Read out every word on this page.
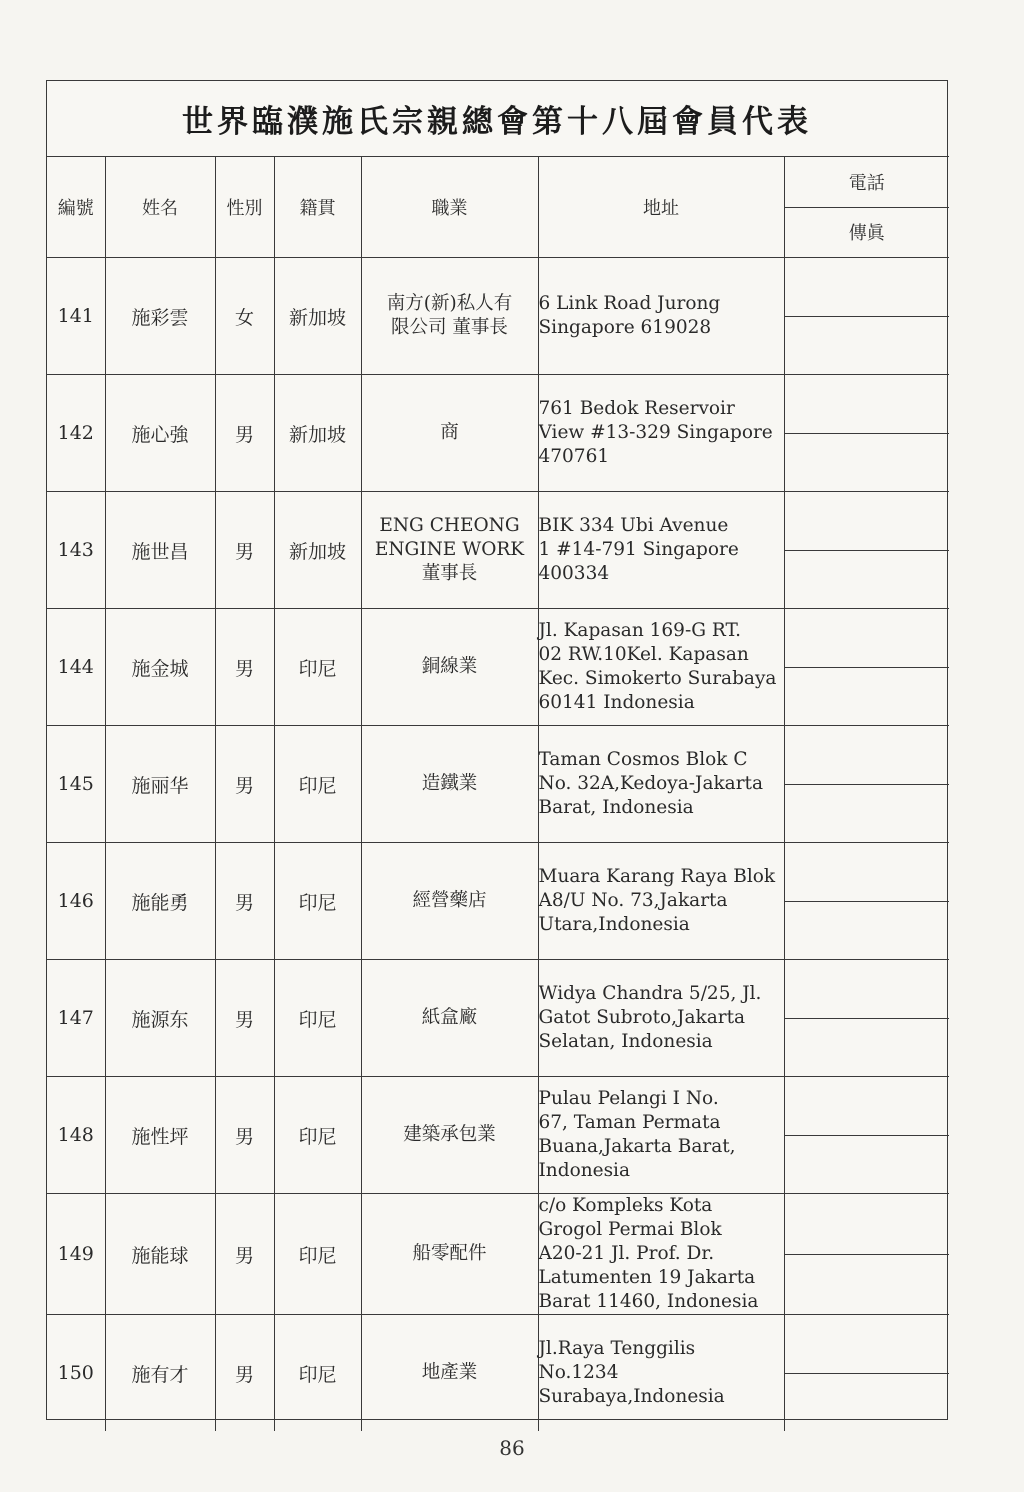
世界臨濮施氏宗親總會第十八屆會員代表
編號	姓名	性別	籍貫	職業	地址	電話
傳眞

141	施彩雲	女	新加坡	南方(新)私人有
限公司 董事長	6 Link Road Jurong
Singapore 619028	

142	施心強	男	新加坡	商	761 Bedok Reservoir
View #13-329 Singapore
470761	

143	施世昌	男	新加坡	ENG CHEONG
ENGINE WORK
董事長	BIK 334 Ubi Avenue
1 #14-791 Singapore
400334	

144	施金城	男	印尼	銅線業	Jl. Kapasan 169-G RT.
02 RW.10Kel. Kapasan
Kec. Simokerto Surabaya
60141 Indonesia	

145	施丽华	男	印尼	造鐵業	Taman Cosmos Blok C
No. 32A,Kedoya-Jakarta
Barat, Indonesia	

146	施能勇	男	印尼	經營藥店	Muara Karang Raya Blok
A8/U No. 73,Jakarta
Utara,Indonesia	

147	施源东	男	印尼	紙盒廠	Widya Chandra 5/25, Jl.
Gatot Subroto,Jakarta
Selatan, Indonesia	

148	施性坪	男	印尼	建築承包業	Pulau Pelangi I No.
67, Taman Permata
Buana,Jakarta Barat,
Indonesia	

149	施能球	男	印尼	船零配件	c/o Kompleks Kota
Grogol Permai Blok
A20-21 Jl. Prof. Dr.
Latumenten 19 Jakarta
Barat 11460, Indonesia	

150	施有才	男	印尼	地產業	Jl.Raya Tenggilis
No.1234
Surabaya,Indonesia	
86
